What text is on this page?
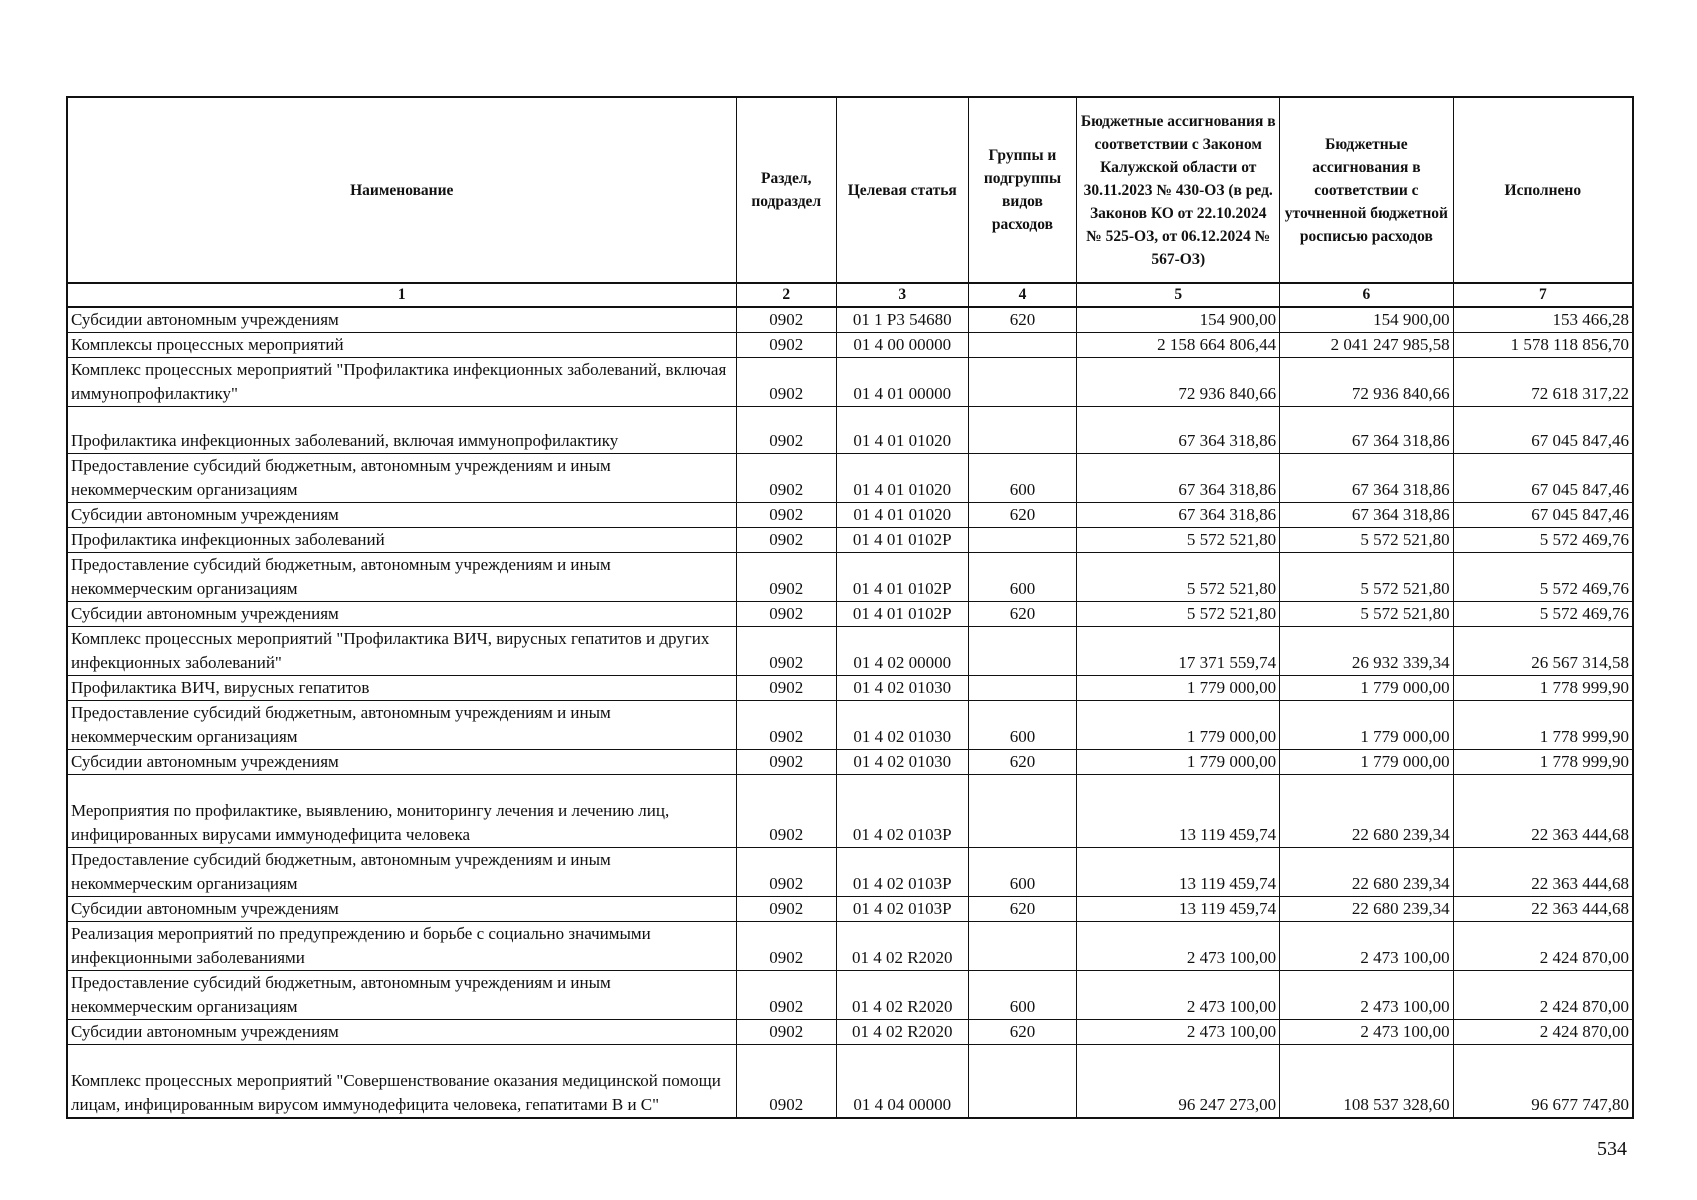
Наименование	Раздел, подраздел	Целевая статья	Группы и подгруппы видов расходов	Бюджетные ассигнования в соответствии с Законом Калужской области от 30.11.2023 № 430-ОЗ (в ред. Законов КО от 22.10.2024 № 525-ОЗ, от 06.12.2024 № 567-ОЗ)	Бюджетные ассигнования в соответствии с уточненной бюджетной росписью расходов	Исполнено
1	2	3	4	5	6	7
Субсидии автономным учреждениям	0902	01 1 Р3 54680	620	154 900,00	154 900,00	153 466,28
Комплексы процессных мероприятий	0902	01 4 00 00000		2 158 664 806,44	2 041 247 985,58	1 578 118 856,70
Комплекс процессных мероприятий "Профилактика инфекционных заболеваний, включая иммунопрофилактику"	0902	01 4 01 00000		72 936 840,66	72 936 840,66	72 618 317,22
Профилактика инфекционных заболеваний, включая иммунопрофилактику	0902	01 4 01 01020		67 364 318,86	67 364 318,86	67 045 847,46
Предоставление субсидий бюджетным, автономным учреждениям и иным некоммерческим организациям	0902	01 4 01 01020	600	67 364 318,86	67 364 318,86	67 045 847,46
Субсидии автономным учреждениям	0902	01 4 01 01020	620	67 364 318,86	67 364 318,86	67 045 847,46
Профилактика инфекционных заболеваний	0902	01 4 01 0102Р		5 572 521,80	5 572 521,80	5 572 469,76
Предоставление субсидий бюджетным, автономным учреждениям и иным некоммерческим организациям	0902	01 4 01 0102Р	600	5 572 521,80	5 572 521,80	5 572 469,76
Субсидии автономным учреждениям	0902	01 4 01 0102Р	620	5 572 521,80	5 572 521,80	5 572 469,76
Комплекс процессных мероприятий "Профилактика ВИЧ, вирусных гепатитов и других инфекционных заболеваний"	0902	01 4 02 00000		17 371 559,74	26 932 339,34	26 567 314,58
Профилактика ВИЧ, вирусных гепатитов	0902	01 4 02 01030		1 779 000,00	1 779 000,00	1 778 999,90
Предоставление субсидий бюджетным, автономным учреждениям и иным некоммерческим организациям	0902	01 4 02 01030	600	1 779 000,00	1 779 000,00	1 778 999,90
Субсидии автономным учреждениям	0902	01 4 02 01030	620	1 779 000,00	1 779 000,00	1 778 999,90
Мероприятия по профилактике, выявлению, мониторингу лечения и лечению лиц, инфицированных вирусами иммунодефицита человека	0902	01 4 02 0103Р		13 119 459,74	22 680 239,34	22 363 444,68
Предоставление субсидий бюджетным, автономным учреждениям и иным некоммерческим организациям	0902	01 4 02 0103Р	600	13 119 459,74	22 680 239,34	22 363 444,68
Субсидии автономным учреждениям	0902	01 4 02 0103Р	620	13 119 459,74	22 680 239,34	22 363 444,68
Реализация мероприятий по предупреждению и борьбе с социально значимыми инфекционными заболеваниями	0902	01 4 02 R2020		2 473 100,00	2 473 100,00	2 424 870,00
Предоставление субсидий бюджетным, автономным учреждениям и иным некоммерческим организациям	0902	01 4 02 R2020	600	2 473 100,00	2 473 100,00	2 424 870,00
Субсидии автономным учреждениям	0902	01 4 02 R2020	620	2 473 100,00	2 473 100,00	2 424 870,00
Комплекс процессных мероприятий "Совершенствование оказания медицинской помощи лицам, инфицированным вирусом иммунодефицита человека, гепатитами В и С"	0902	01 4 04 00000		96 247 273,00	108 537 328,60	96 677 747,80
534
